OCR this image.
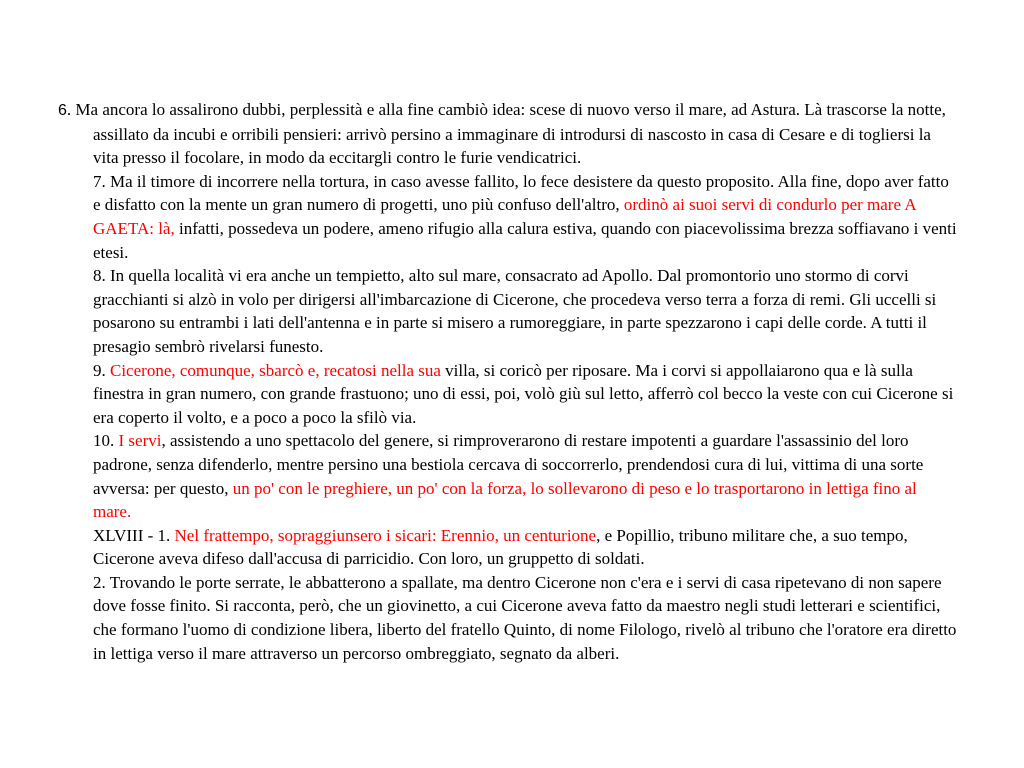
6. Ma ancora lo assalirono dubbi, perplessità e alla fine cambiò idea: scese di nuovo verso il mare, ad Astura. Là trascorse la notte, assillato da incubi e orribili pensieri: arrivò persino a immaginare di introdursi di nascosto in casa di Cesare e di togliersi la vita presso il focolare, in modo da eccitargli contro le furie vendicatrici.

7. Ma il timore di incorrere nella tortura, in caso avesse fallito, lo fece desistere da questo proposito. Alla fine, dopo aver fatto e disfatto con la mente un gran numero di progetti, uno più confuso dell'altro, ordinò ai suoi servi di condurlo per mare A GAETA: là, infatti, possedeva un podere, ameno rifugio alla calura estiva, quando con piacevolissima brezza soffiavano i venti etesi.

8. In quella località vi era anche un tempietto, alto sul mare, consacrato ad Apollo. Dal promontorio uno stormo di corvi gracchianti si alzò in volo per dirigersi all'imbarcazione di Cicerone, che procedeva verso terra a forza di remi. Gli uccelli si posarono su entrambi i lati dell'antenna e in parte si misero a rumoreggiare, in parte spezzarono i capi delle corde. A tutti il presagio sembrò rivelarsi funesto.

9. Cicerone, comunque, sbarcò e, recatosi nella sua villa, si coricò per riposare. Ma i corvi si appollaiarono qua e là sulla finestra in gran numero, con grande frastuono; uno di essi, poi, volò giù sul letto, afferrò col becco la veste con cui Cicerone si era coperto il volto, e a poco a poco la sfilò via.

10. I servi, assistendo a uno spettacolo del genere, si rimproverarono di restare impotenti a guardare l'assassinio del loro padrone, senza difenderlo, mentre persino una bestiola cercava di soccorrerlo, prendendosi cura di lui, vittima di una sorte avversa: per questo, un po' con le preghiere, un po' con la forza, lo sollevarono di peso e lo trasportarono in lettiga fino al mare.

XLVIII - 1. Nel frattempo, sopraggiunsero i sicari: Erennio, un centurione, e Popillio, tribuno militare che, a suo tempo, Cicerone aveva difeso dall'accusa di parricidio. Con loro, un gruppetto di soldati.

2. Trovando le porte serrate, le abbatterono a spallate, ma dentro Cicerone non c'era e i servi di casa ripetevano di non sapere dove fosse finito. Si racconta, però, che un giovinetto, a cui Cicerone aveva fatto da maestro negli studi letterari e scientifici, che formano l'uomo di condizione libera, liberto del fratello Quinto, di nome Filologo, rivelò al tribuno che l'oratore era diretto in lettiga verso il mare attraverso un percorso ombreggiato, segnato da alberi.
